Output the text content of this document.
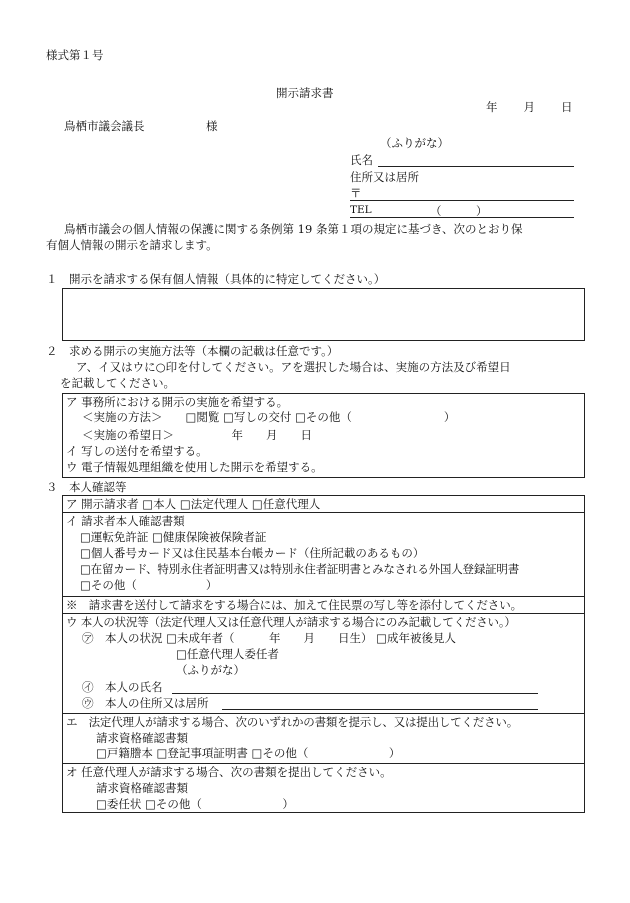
様式第１号
開示請求書
年　　月　　日
鳥栖市議会議長	様
（ふりがな）
氏名
住所又は居所
〒
TEL	（　　　）
鳥栖市議会の個人情報の保護に関する条例第 19 条第１項の規定に基づき、次のとおり保
有個人情報の開示を請求します。
１　開示を請求する保有個人情報（具体的に特定してください。）
２　求める開示の実施方法等（本欄の記載は任意です。）
ア、イ又はウに○印を付してください。アを選択した場合は、実施の方法及び希望日
を記載してください。
ア 事務所における開示の実施を希望する。
＜実施の方法＞　　□閲覧 □写しの交付 □その他（　　　　　　　　）
＜実施の希望日＞　　　　　年　　月　　日
イ 写しの送付を希望する。
ウ 電子情報処理組織を使用した開示を希望する。
３　本人確認等
ア 開示請求者 □本人 □法定代理人 □任意代理人
イ 請求者本人確認書類
□運転免許証 □健康保険被保険者証
□個人番号カード又は住民基本台帳カード（住所記載のあるもの）
□在留カード、特別永住者証明書又は特別永住者証明書とみなされる外国人登録証明書
□その他（　　　　　　）
※　請求書を送付して請求をする場合には、加えて住民票の写し等を添付してください。
ウ 本人の状況等（法定代理人又は任意代理人が請求する場合にのみ記載してください。）
㋐　本人の状況 □未成年者（　　　年　　月　　日生） □成年被後見人
□任意代理人委任者
（ふりがな）
㋑　本人の氏名
㋒　本人の住所又は居所
エ　法定代理人が請求する場合、次のいずれかの書類を提示し、又は提出してください。
請求資格確認書類
□戸籍謄本 □登記事項証明書 □その他（　　　　　　　）
オ 任意代理人が請求する場合、次の書類を提出してください。
請求資格確認書類
□委任状 □その他（　　　　　　　）
